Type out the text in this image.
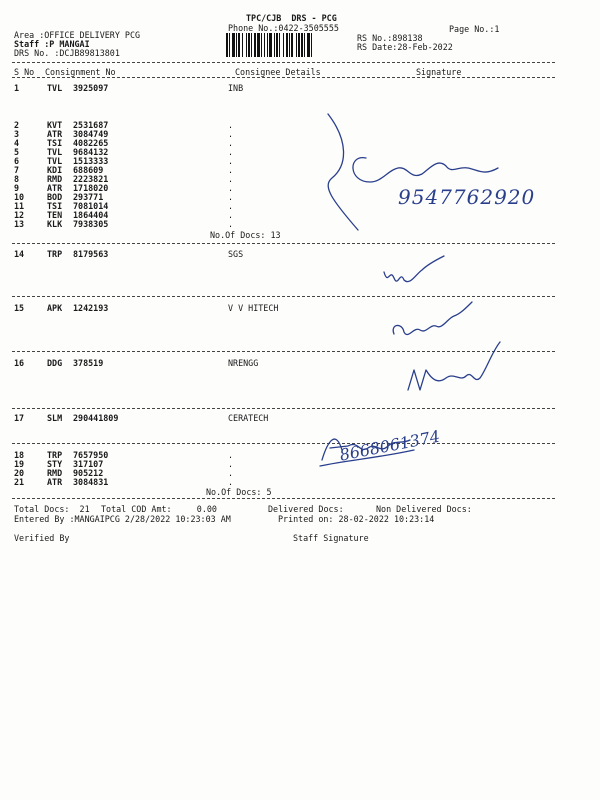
TPC/CJB  DRS - PCG
Phone No.:0422-3505555	Page No.:1
Area :OFFICE DELIVERY PCG
Staff :P MANGAI
DRS No. :DCJB89813801
RS No.:898138
RS Date:28-Feb-2022
S No Consignment No	Consignee Details	Signature
1	TVL 3925097	INB
2	KVT 2531687	.
3	ATR 3084749	.
4	TSI 4082265	.
5	TVL 9684132	.
6	TVL 1513333	.
7	KDI 688609	.
8	RMD 2223821	.
9	ATR 1718020	.
10	BOD 293771	.
11	TSI 7081014	.
12	TEN 1864404	.
13	KLK 7938305	.
No.Of Docs: 13
14	TRP 8179563	SGS
15	APK 1242193	V V HITECH
16	DDG 378519	NRENGG
17	SLM 290441809	CERATECH
18	TRP 7657950	.
19	STY 317107	.
20	RMD 905212	.
21	ATR 3084831	.
No.Of Docs: 5
Total Docs:  21 Total COD Amt:     0.00	Delivered Docs:	Non Delivered Docs:
Entered By :MANGAIPCG 2/28/2022 10:23:03 AM	Printed on: 28-02-2022 10:23:14
Verified By	Staff Signature
9547762920
8668061374
